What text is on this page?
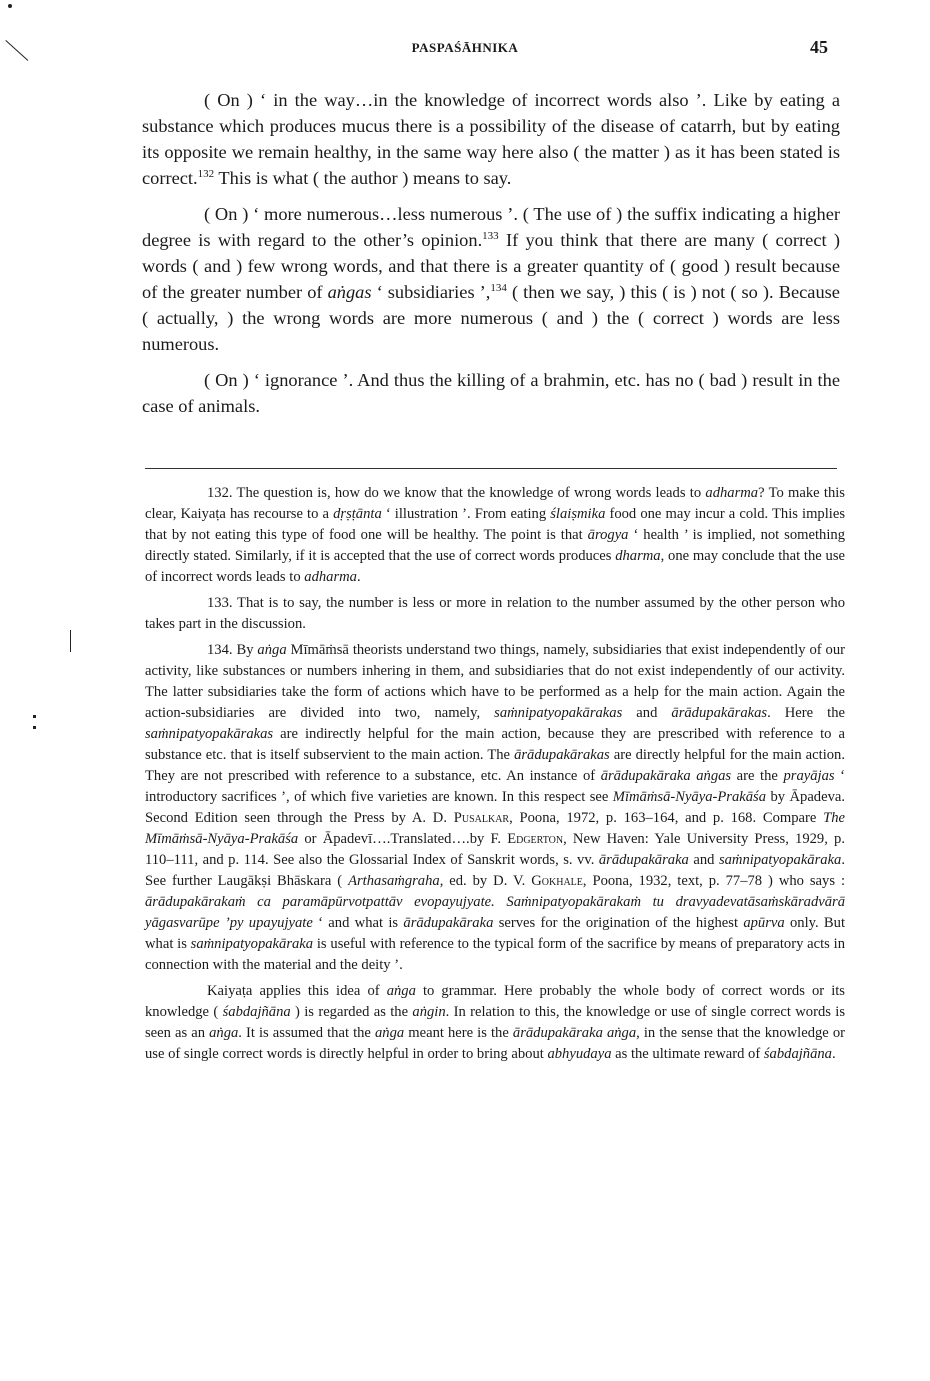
PASPAŚĀHNIKA	45

( On ) ‘ in the way…in the knowledge of incorrect words also ’. Like by eating a substance which produces mucus there is a possibility of the disease of catarrh, but by eating its opposite we remain healthy, in the same way here also ( the matter ) as it has been stated is correct.$^{132}$ This is what ( the author ) means to say.

( On ) ‘ more numerous…less numerous ’. ( The use of ) the suffix indicating a higher degree is with regard to the other’s opinion.$^{133}$ If you think that there are many ( correct ) words ( and ) few wrong words, and that there is a greater quantity of ( good ) result because of the greater number of aṅgas ‘ subsidiaries ’,$^{134}$ ( then we say, ) this ( is ) not ( so ). Because ( actually, ) the wrong words are more numerous ( and ) the ( correct ) words are less numerous.

( On ) ‘ ignorance ’. And thus the killing of a brahmin, etc. has no ( bad ) result in the case of animals.

132. The question is, how do we know that the knowledge of wrong words leads to adharma? To make this clear, Kaiyaṭa has recourse to a dṛṣṭānta ‘ illustration ’. From eating ślaiṣmika food one may incur a cold. This implies that by not eating this type of food one will be healthy. The point is that ārogya ‘ health ’ is implied, not something directly stated. Similarly, if it is accepted that the use of correct words produces dharma, one may conclude that the use of incorrect words leads to adharma.

133. That is to say, the number is less or more in relation to the number assumed by the other person who takes part in the discussion.

134. By aṅga Mīmāṁsā theorists understand two things, namely, subsidiaries that exist independently of our activity, like substances or numbers inhering in them, and subsidiaries that do not exist independently of our activity. The latter subsidiaries take the form of actions which have to be performed as a help for the main action. Again the action-subsidiaries are divided into two, namely, saṁnipatyopakārakas and ārādupakārakas. Here the saṁnipatyopakārakas are indirectly helpful for the main action, because they are prescribed with reference to a substance etc. that is itself subservient to the main action. The ārādupakārakas are directly helpful for the main action. They are not prescribed with reference to a substance, etc. An instance of ārādupakāraka aṅgas are the prayājas ‘ introductory sacrifices ’, of which five varieties are known. In this respect see Mīmāṁsā-Nyāya-Prakāśa by Āpadeva. Second Edition seen through the Press by A. D. Pusalkar, Poona, 1972, p. 163–164, and p. 168. Compare The Mīmāṁsā-Nyāya-Prakāśa or Āpadevī….Translated….by F. Edgerton, New Haven: Yale University Press, 1929, p. 110–111, and p. 114. See also the Glossarial Index of Sanskrit words, s. vv. ārādupakāraka and saṁnipatyopakāraka. See further Laugākṣi Bhāskara ( Arthasaṁgraha, ed. by D. V. Gokhale, Poona, 1932, text, p. 77–78 ) who says : ārādupakārakaṁ ca paramāpūrvotpattāv evopayujyate. Saṁnipatyopakārakaṁ tu dravyadevatāsaṁskāradvārā yāgasvarūpe ’py upayujyate ‘ and what is ārādupakāraka serves for the origination of the highest apūrva only. But what is saṁnipatyopakāraka is useful with reference to the typical form of the sacrifice by means of preparatory acts in connection with the material and the deity ’.

Kaiyaṭa applies this idea of aṅga to grammar. Here probably the whole body of correct words or its knowledge ( śabdajñāna ) is regarded as the aṅgin. In relation to this, the knowledge or use of single correct words is seen as an aṅga. It is assumed that the aṅga meant here is the ārādupakāraka aṅga, in the sense that the knowledge or use of single correct words is directly helpful in order to bring about abhyudaya as the ultimate reward of śabdajñāna.
